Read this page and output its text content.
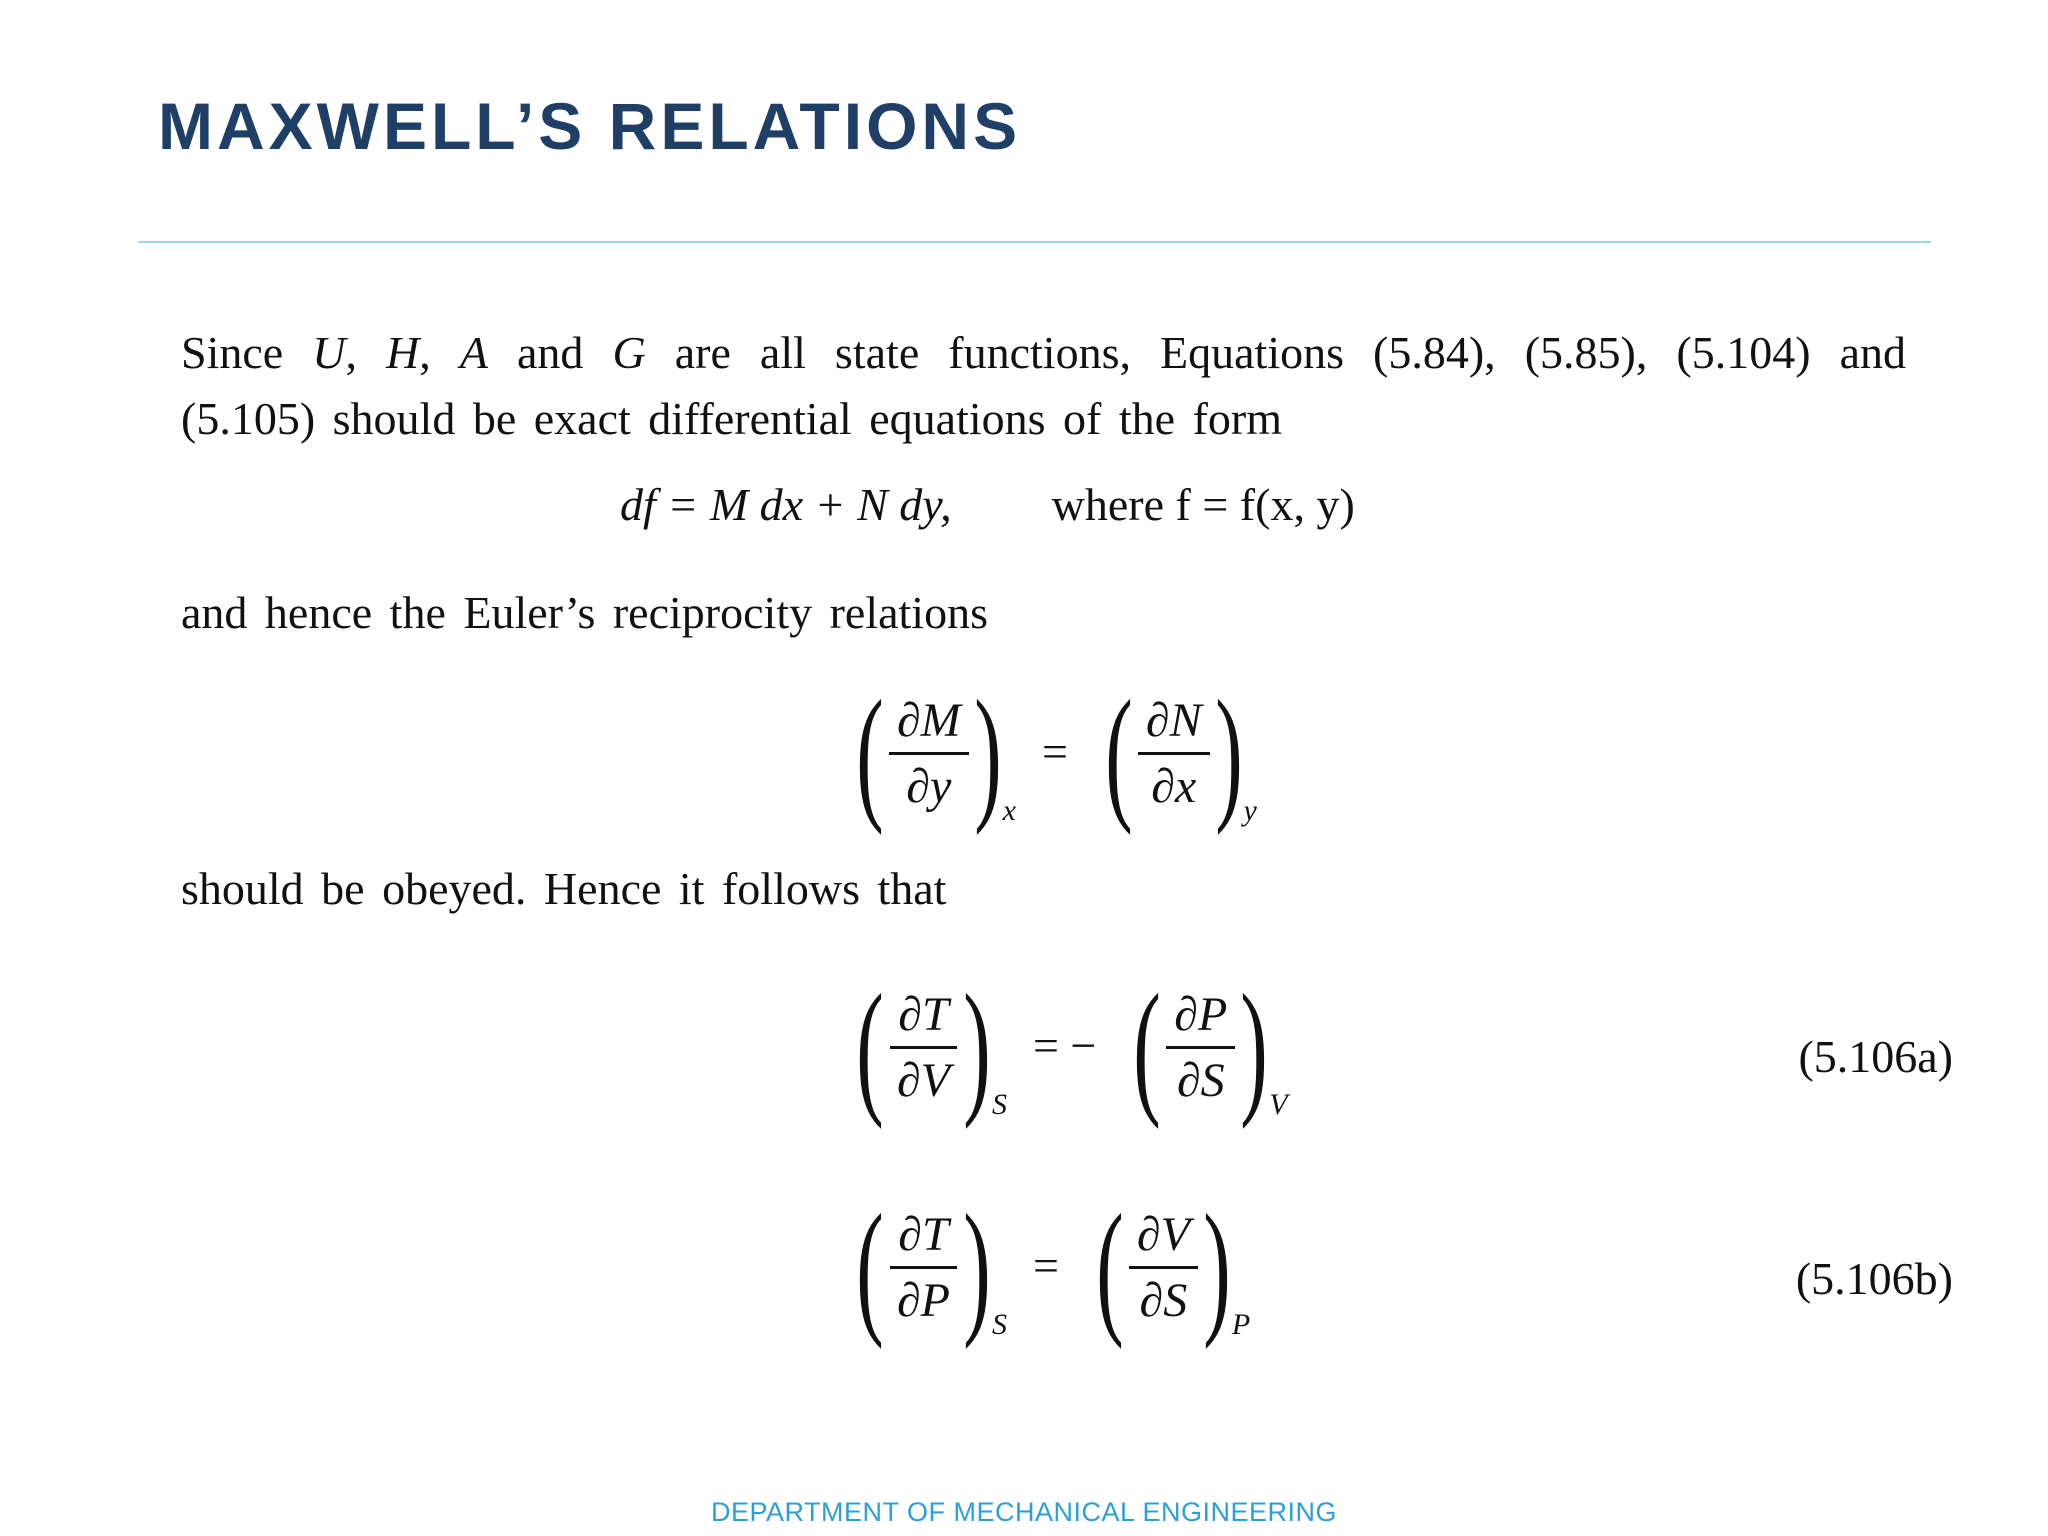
MAXWELL’S RELATIONS
Since U, H, A and G are all state functions, Equations (5.84), (5.85), (5.104) and
(5.105) should be exact differential equations of the form
df = M dx + N dy, where f = f(x, y)

and hence the Euler’s reciprocity relations

( $\frac{\partial M}{\partial y}$ ) x
= ( $\frac{\partial N}{\partial x}$ ) y

should be obeyed. Hence it follows that

( $\frac{\partial T}{\partial V}$ ) S
= − ( $\frac{\partial P}{\partial S}$ ) V
(5.106a)
( $\frac{\partial T}{\partial P}$ ) S
= ( $\frac{\partial V}{\partial S}$ ) P
(5.106b)
DEPARTMENT OF MECHANICAL ENGINEERING
